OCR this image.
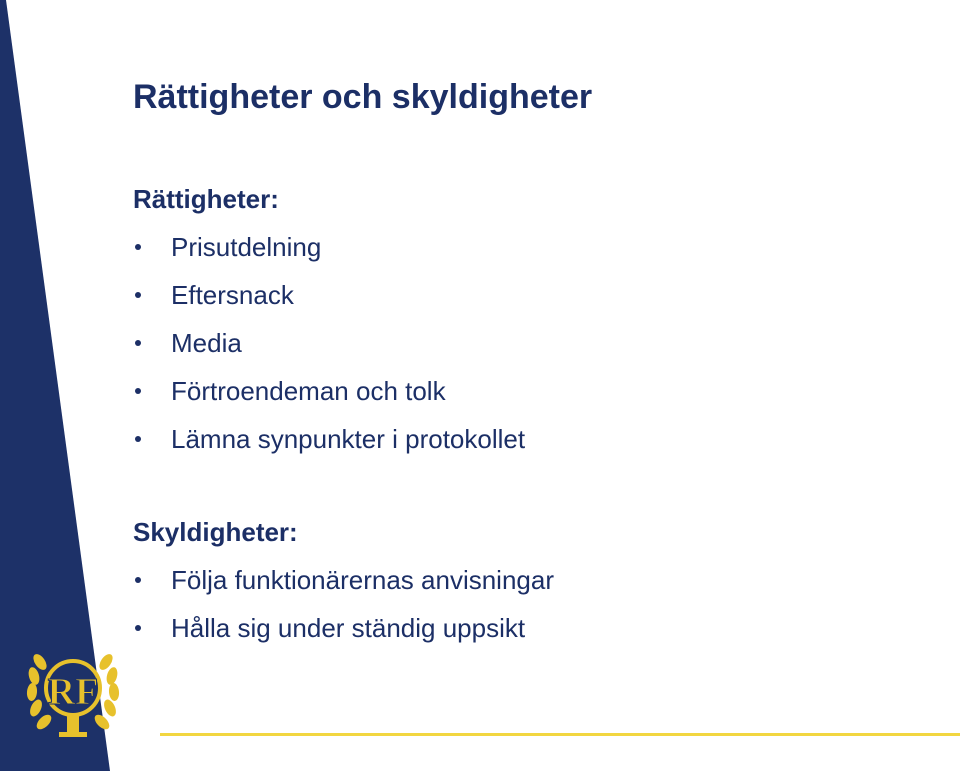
RF
Rättigheter och skyldigheter
Rättigheter:
Prisutdelning
Eftersnack
Media
Förtroendeman och tolk
Lämna synpunkter i protokollet
Skyldigheter:
Följa funktionärernas anvisningar
Hålla sig under ständig uppsikt
